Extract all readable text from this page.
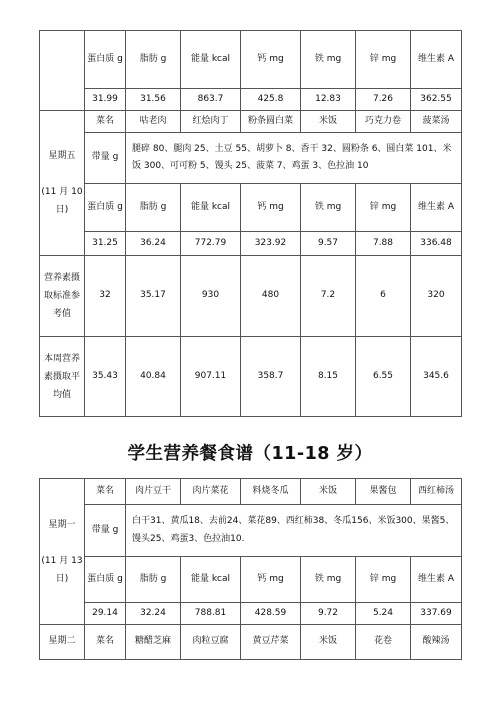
	蛋白质 g	脂肪 g	能量 kcal	钙 mg	铁 mg	锌 mg	维生素 A
	31.99	31.56	863.7	425.8	12.83	7.26	362.55
星期五

(11 月 10 日)	菜名	咕老肉	红烩肉丁	粉条圆白菜	米饭	巧克力卷	菠菜汤
	带量 g	腿碎 80、腿肉 25、土豆 55、胡萝卜 8、香干 32、圆粉条 6、圆白菜 101、米饭 300、可可粉 5、馒头 25、菠菜 7、鸡蛋 3、色拉油 10					
	蛋白质 g	脂肪 g	能量 kcal	钙 mg	铁 mg	锌 mg	维生素 A
	31.25	36.24	772.79	323.92	9.57	7.88	336.48
营养素摄取标准参考值	32	35.17	930	480	7.2	6	320
本周营养素摄取平均值	35.43	40.84	907.11	358.7	8.15	6.55	345.6
学生营养餐食谱（11-18 岁）
星期一

(11 月 13 日)	菜名	肉片豆干	肉片菜花	料烧冬瓜	米饭	果酱包	西红柿汤
	带量 g	白干31、黄瓜18、去前24、菜花89、西红柿38、冬瓜156、米饭300、果酱5、馒头25、鸡蛋3、色拉油10.					
	蛋白质 g	脂肪 g	能量 kcal	钙 mg	铁 mg	锌 mg	维生素 A
	29.14	32.24	788.81	428.59	9.72	5.24	337.69
星期二	菜名	糖醋芝麻	肉粒豆腐	黄豆芹菜	米饭	花卷	酸辣汤
